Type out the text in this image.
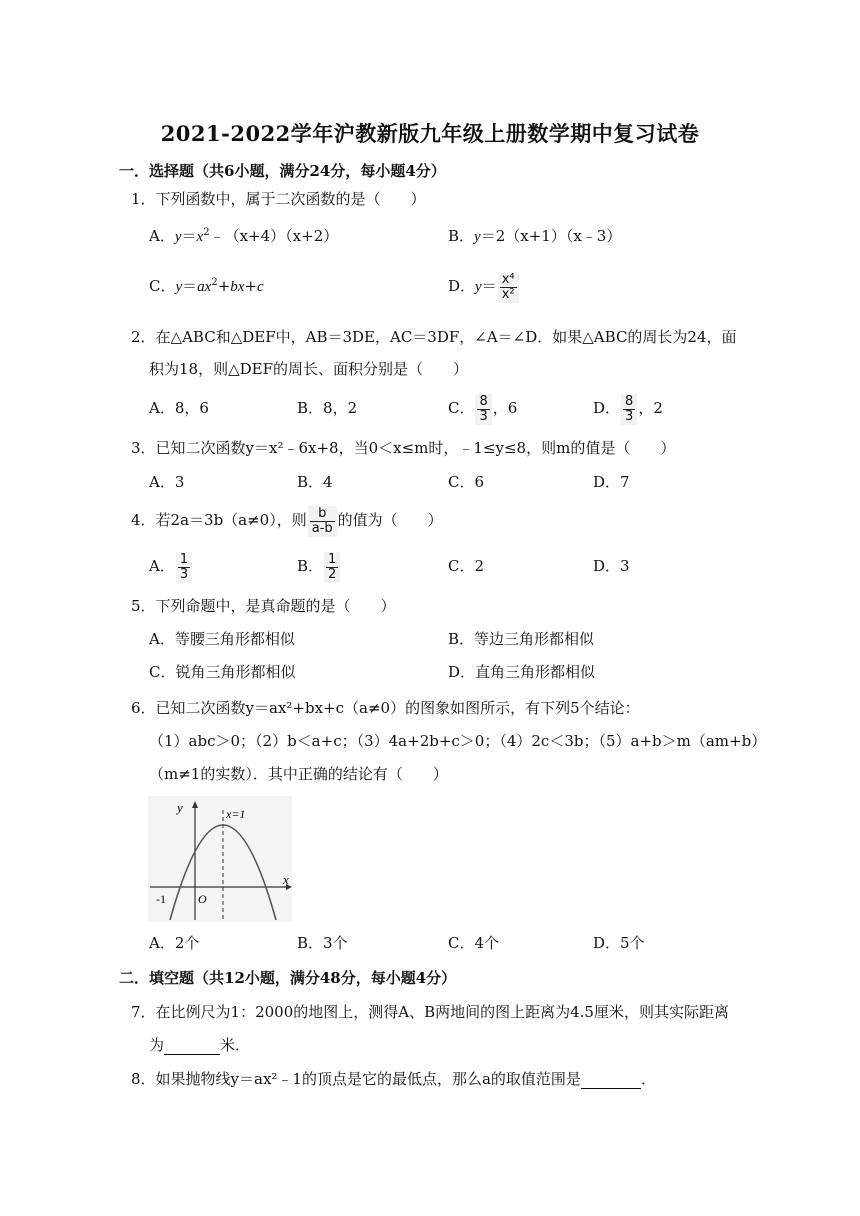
2021-2022学年沪教新版九年级上册数学期中复习试卷
一．选择题（共6小题，满分24分，每小题4分）
1．下列函数中，属于二次函数的是（　　）
A．$y=x^2﹣(x+4)(x+2)$	B．y＝2（x+1）（x﹣3）
C．$y=ax^2+bx+c$	D．$y= \frac{\text{x⁴}}{\text{x²}}$
2．在△ABC和△DEF中，AB＝3DE，AC＝3DF，∠A＝∠D．如果△ABC的周长为24，面
积为18，则△DEF的周长、面积分别是（　　）
A．8，6	B．8，2	C． $\frac{8}{3}$ ，6	D． $\frac{8}{3}$ ，2
3．已知二次函数y＝x²﹣6x+8，当0＜x≤m时，﹣1≤y≤8，则m的值是（　　）
A．3	B．4	C．6	D．7
4．若2a＝3b（a≠0），则 $\frac{b}{a-b}$ 的值为（　　）
A． $\frac{1}{3}$	B． $\frac{1}{2}$	C．2	D．3
5．下列命题中，是真命题的是（　　）
A．等腰三角形都相似	B．等边三角形都相似
C．锐角三角形都相似	D．直角三角形都相似
6．已知二次函数y＝ax²+bx+c（a≠0）的图象如图所示，有下列5个结论：
（1）abc＞0；（2）b＜a+c；（3）4a+2b+c＞0；（4）2c＜3b；（5）a+b＞m（am+b）
（m≠1的实数）．其中正确的结论有（　　）
y
x
x=1
-1	O
A．2个	B．3个	C．4个	D．5个
二．填空题（共12小题，满分48分，每小题4分）
7．在比例尺为1：2000的地图上，测得A、B两地间的图上距离为4.5厘米，则其实际距离
为	米．
8．如果抛物线y＝ax²﹣1的顶点是它的最低点，那么a的取值范围是	．
